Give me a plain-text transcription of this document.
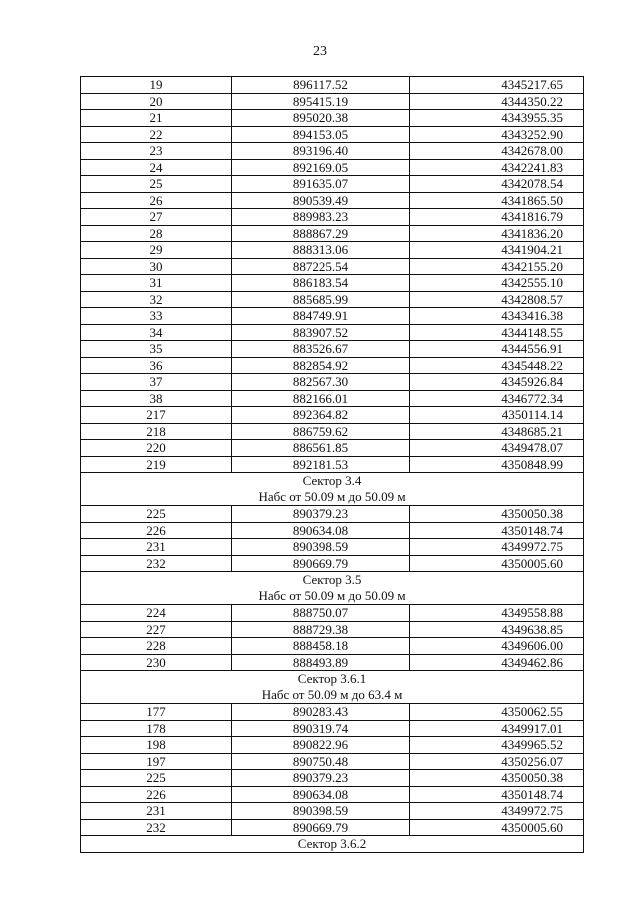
23
19	896117.52	4345217.65
20	895415.19	4344350.22
21	895020.38	4343955.35
22	894153.05	4343252.90
23	893196.40	4342678.00
24	892169.05	4342241.83
25	891635.07	4342078.54
26	890539.49	4341865.50
27	889983.23	4341816.79
28	888867.29	4341836.20
29	888313.06	4341904.21
30	887225.54	4342155.20
31	886183.54	4342555.10
32	885685.99	4342808.57
33	884749.91	4343416.38
34	883907.52	4344148.55
35	883526.67	4344556.91
36	882854.92	4345448.22
37	882567.30	4345926.84
38	882166.01	4346772.34
217	892364.82	4350114.14
218	886759.62	4348685.21
220	886561.85	4349478.07
219	892181.53	4350848.99
Сектор 3.4
Набс от 50.09 м до 50.09 м
225	890379.23	4350050.38
226	890634.08	4350148.74
231	890398.59	4349972.75
232	890669.79	4350005.60
Сектор 3.5
Набс от 50.09 м до 50.09 м
224	888750.07	4349558.88
227	888729.38	4349638.85
228	888458.18	4349606.00
230	888493.89	4349462.86
Сектор 3.6.1
Набс от 50.09 м до 63.4 м
177	890283.43	4350062.55
178	890319.74	4349917.01
198	890822.96	4349965.52
197	890750.48	4350256.07
225	890379.23	4350050.38
226	890634.08	4350148.74
231	890398.59	4349972.75
232	890669.79	4350005.60
Сектор 3.6.2
